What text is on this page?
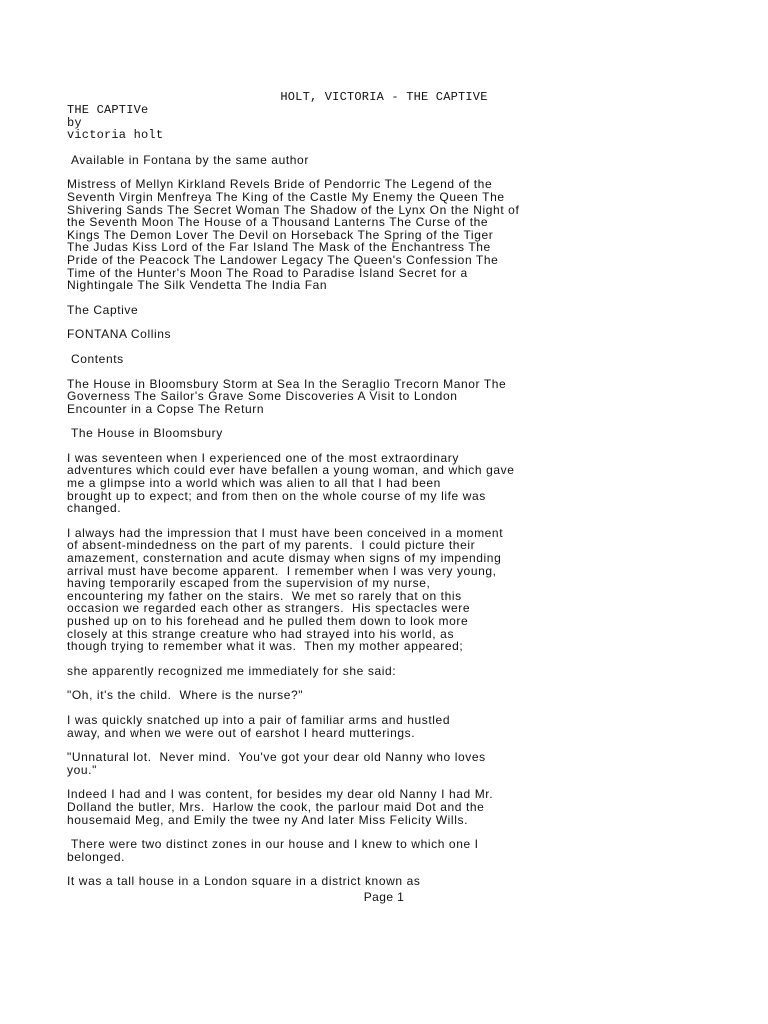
HOLT, VICTORIA - THE CAPTIVE
THE CAPTIVe
by
victoria holt
Available in Fontana by the same author
Mistress of Mellyn Kirkland Revels Bride of Pendorric The Legend of the
Seventh Virgin Menfreya The King of the Castle My Enemy the Queen The
Shivering Sands The Secret Woman The Shadow of the Lynx On the Night of
the Seventh Moon The House of a Thousand Lanterns The Curse of the
Kings The Demon Lover The Devil on Horseback The Spring of the Tiger
The Judas Kiss Lord of the Far Island The Mask of the Enchantress The
Pride of the Peacock The Landower Legacy The Queen's Confession The
Time of the Hunter's Moon The Road to Paradise Island Secret for a
Nightingale The Silk Vendetta The India Fan
The Captive
FONTANA Collins
Contents
The House in Bloomsbury Storm at Sea In the Seraglio Trecorn Manor The
Governess The Sailor's Grave Some Discoveries A Visit to London
Encounter in a Copse The Return
The House in Bloomsbury
I was seventeen when I experienced one of the most extraordinary
adventures which could ever have befallen a young woman, and which gave
me a glimpse into a world which was alien to all that I had been
brought up to expect; and from then on the whole course of my life was
changed.
I always had the impression that I must have been conceived in a moment
of absent-mindedness on the part of my parents.  I could picture their
amazement, consternation and acute dismay when signs of my impending
arrival must have become apparent.  I remember when I was very young,
having temporarily escaped from the supervision of my nurse,
encountering my father on the stairs.  We met so rarely that on this
occasion we regarded each other as strangers.  His spectacles were
pushed up on to his forehead and he pulled them down to look more
closely at this strange creature who had strayed into his world, as
though trying to remember what it was.  Then my mother appeared;
she apparently recognized me immediately for she said:
"Oh, it's the child.  Where is the nurse?"
I was quickly snatched up into a pair of familiar arms and hustled
away, and when we were out of earshot I heard mutterings.
"Unnatural lot.  Never mind.  You've got your dear old Nanny who loves
you."
Indeed I had and I was content, for besides my dear old Nanny I had Mr.
Dolland the butler, Mrs.  Harlow the cook, the parlour maid Dot and the
housemaid Meg, and Emily the twee ny And later Miss Felicity Wills.
There were two distinct zones in our house and I knew to which one I
belonged.
It was a tall house in a London square in a district known as
Page 1
